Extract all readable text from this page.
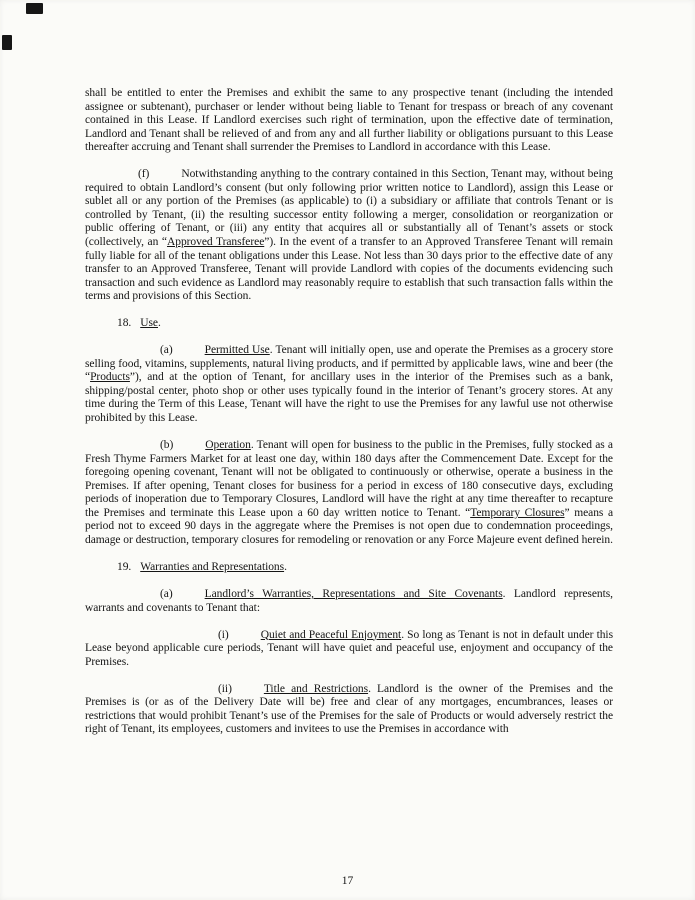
shall be entitled to enter the Premises and exhibit the same to any prospective tenant (including the intended assignee or subtenant), purchaser or lender without being liable to Tenant for trespass or breach of any covenant contained in this Lease. If Landlord exercises such right of termination, upon the effective date of termination, Landlord and Tenant shall be relieved of and from any and all further liability or obligations pursuant to this Lease thereafter accruing and Tenant shall surrender the Premises to Landlord in accordance with this Lease.

(f)	Notwithstanding anything to the contrary contained in this Section, Tenant may, without being required to obtain Landlord’s consent (but only following prior written notice to Landlord), assign this Lease or sublet all or any portion of the Premises (as applicable) to (i) a subsidiary or affiliate that controls Tenant or is controlled by Tenant, (ii) the resulting successor entity following a merger, consolidation or reorganization or public offering of Tenant, or (iii) any entity that acquires all or substantially all of Tenant’s assets or stock (collectively, an “Approved Transferee”). In the event of a transfer to an Approved Transferee Tenant will remain fully liable for all of the tenant obligations under this Lease. Not less than 30 days prior to the effective date of any transfer to an Approved Transferee, Tenant will provide Landlord with copies of the documents evidencing such transaction and such evidence as Landlord may reasonably require to establish that such transaction falls within the terms and provisions of this Section.

18. Use.

(a)	Permitted Use. Tenant will initially open, use and operate the Premises as a grocery store selling food, vitamins, supplements, natural living products, and if permitted by applicable laws, wine and beer (the “Products”), and at the option of Tenant, for ancillary uses in the interior of the Premises such as a bank, shipping/postal center, photo shop or other uses typically found in the interior of Tenant’s grocery stores. At any time during the Term of this Lease, Tenant will have the right to use the Premises for any lawful use not otherwise prohibited by this Lease.

(b)	Operation. Tenant will open for business to the public in the Premises, fully stocked as a Fresh Thyme Farmers Market for at least one day, within 180 days after the Commencement Date. Except for the foregoing opening covenant, Tenant will not be obligated to continuously or otherwise, operate a business in the Premises. If after opening, Tenant closes for business for a period in excess of 180 consecutive days, excluding periods of inoperation due to Temporary Closures, Landlord will have the right at any time thereafter to recapture the Premises and terminate this Lease upon a 60 day written notice to Tenant. “Temporary Closures” means a period not to exceed 90 days in the aggregate where the Premises is not open due to condemnation proceedings, damage or destruction, temporary closures for remodeling or renovation or any Force Majeure event defined herein.

19. Warranties and Representations.

(a)	Landlord’s Warranties, Representations and Site Covenants. Landlord represents, warrants and covenants to Tenant that:

(i)	Quiet and Peaceful Enjoyment. So long as Tenant is not in default under this Lease beyond applicable cure periods, Tenant will have quiet and peaceful use, enjoyment and occupancy of the Premises.

(ii)	Title and Restrictions. Landlord is the owner of the Premises and the Premises is (or as of the Delivery Date will be) free and clear of any mortgages, encumbrances, leases or restrictions that would prohibit Tenant’s use of the Premises for the sale of Products or would adversely restrict the right of Tenant, its employees, customers and invitees to use the Premises in accordance with

17
